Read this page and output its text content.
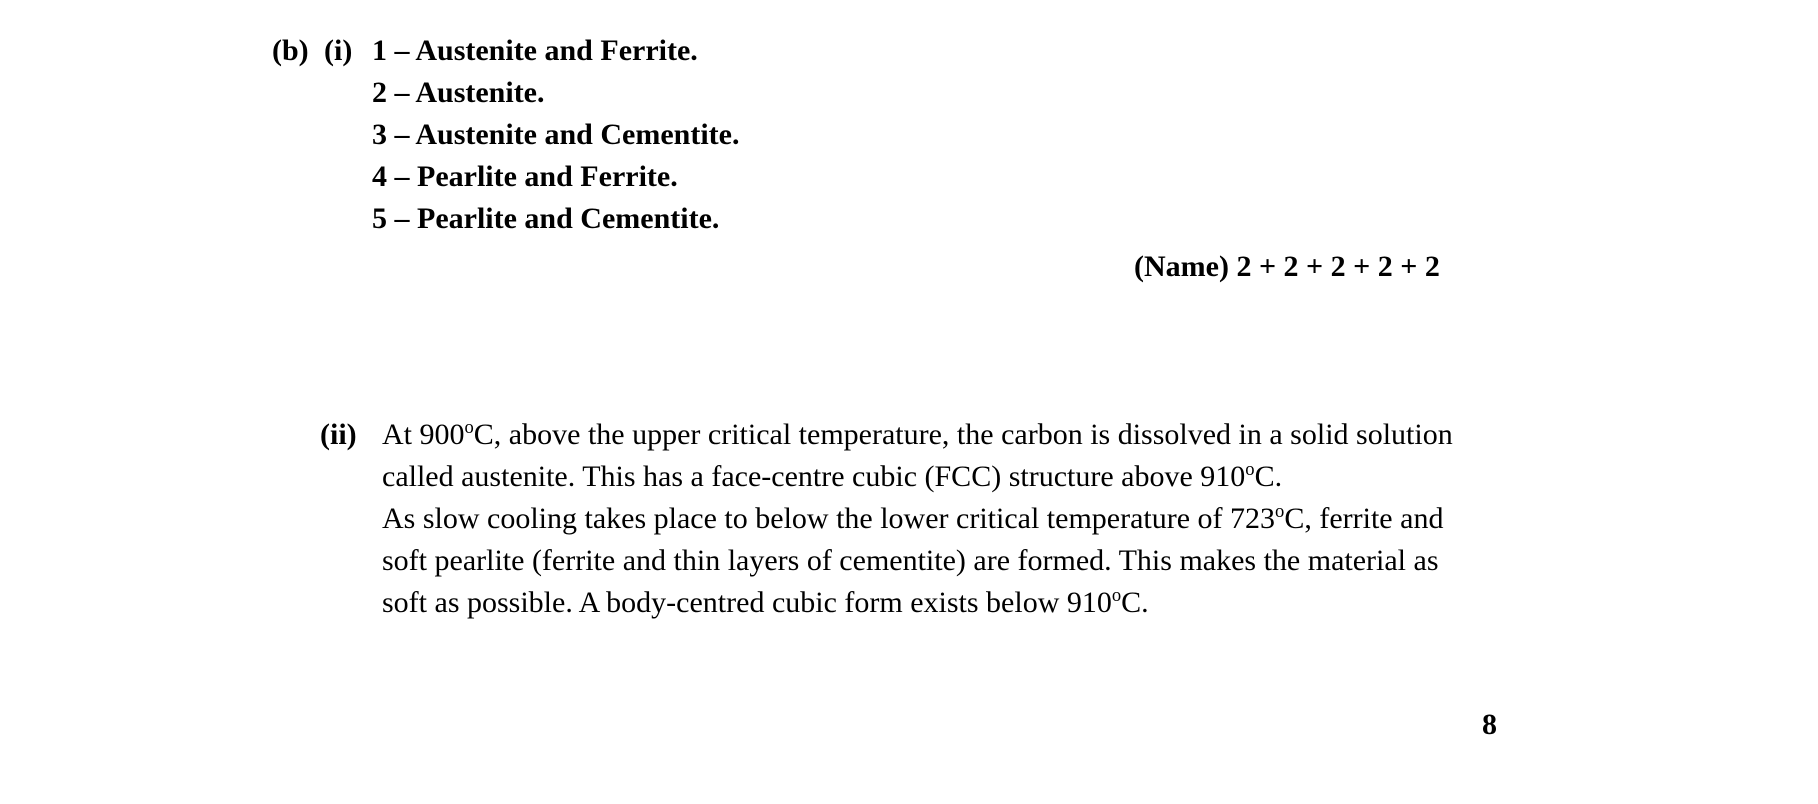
(b) (i) 1 – Austenite and Ferrite.
2 – Austenite.
3 – Austenite and Cementite.
4 – Pearlite and Ferrite.
5 – Pearlite and Cementite.
(Name) 2 + 2 + 2 + 2 + 2
(ii) At 900$^o$C, above the upper critical temperature, the carbon is dissolved in a solid solution called austenite. This has a face-centre cubic (FCC) structure above 910$^o$C.

As slow cooling takes place to below the lower critical temperature of 723$^o$C, ferrite and soft pearlite (ferrite and thin layers of cementite) are formed. This makes the material as soft as possible. A body-centred cubic form exists below 910$^o$C.

8
